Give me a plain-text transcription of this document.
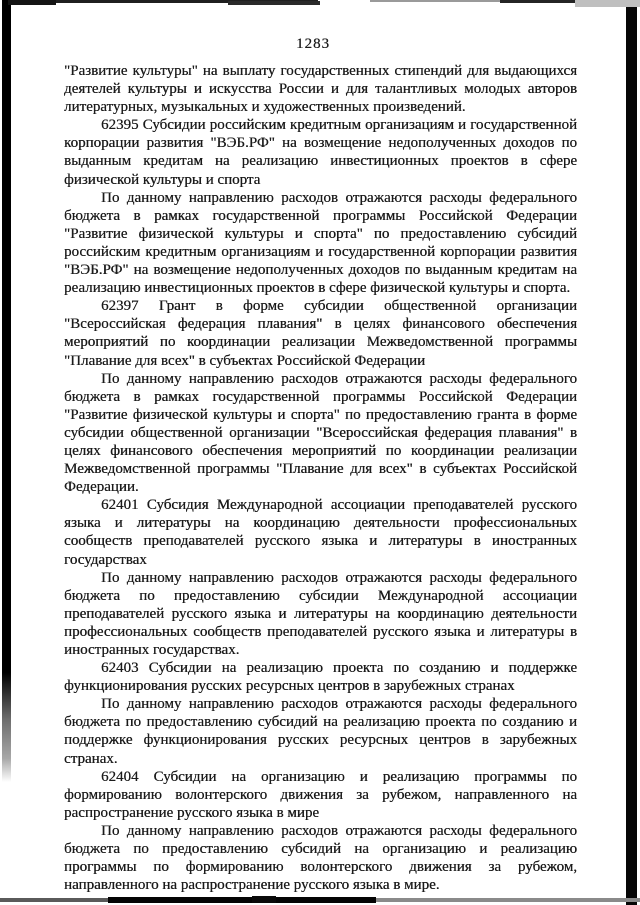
1283

"Развитие культуры" на выплату государственных стипендий для выдающихся деятелей культуры и искусства России и для талантливых молодых авторов литературных, музыкальных и художественных произведений.

62395 Субсидии российским кредитным организациям и государственной корпорации развития "ВЭБ.РФ" на возмещение недополученных доходов по выданным кредитам на реализацию инвестиционных проектов в сфере физической культуры и спорта

По данному направлению расходов отражаются расходы федерального бюджета в рамках государственной программы Российской Федерации "Развитие физической культуры и спорта" по предоставлению субсидий российским кредитным организациям и государственной корпорации развития "ВЭБ.РФ" на возмещение недополученных доходов по выданным кредитам на реализацию инвестиционных проектов в сфере физической культуры и спорта.

62397 Грант в форме субсидии общественной организации "Всероссийская федерация плавания" в целях финансового обеспечения мероприятий по координации реализации Межведомственной программы "Плавание для всех" в субъектах Российской Федерации

По данному направлению расходов отражаются расходы федерального бюджета в рамках государственной программы Российской Федерации "Развитие физической культуры и спорта" по предоставлению гранта в форме субсидии общественной организации "Всероссийская федерация плавания" в целях финансового обеспечения мероприятий по координации реализации Межведомственной программы "Плавание для всех" в субъектах Российской Федерации.

62401 Субсидия Международной ассоциации преподавателей русского языка и литературы на координацию деятельности профессиональных сообществ преподавателей русского языка и литературы в иностранных государствах

По данному направлению расходов отражаются расходы федерального бюджета по предоставлению субсидии Международной ассоциации преподавателей русского языка и литературы на координацию деятельности профессиональных сообществ преподавателей русского языка и литературы в иностранных государствах.

62403 Субсидии на реализацию проекта по созданию и поддержке функционирования русских ресурсных центров в зарубежных странах

По данному направлению расходов отражаются расходы федерального бюджета по предоставлению субсидий на реализацию проекта по созданию и поддержке функционирования русских ресурсных центров в зарубежных странах.

62404 Субсидии на организацию и реализацию программы по формированию волонтерского движения за рубежом, направленного на распространение русского языка в мире

По данному направлению расходов отражаются расходы федерального бюджета по предоставлению субсидий на организацию и реализацию программы по формированию волонтерского движения за рубежом, направленного на распространение русского языка в мире.
